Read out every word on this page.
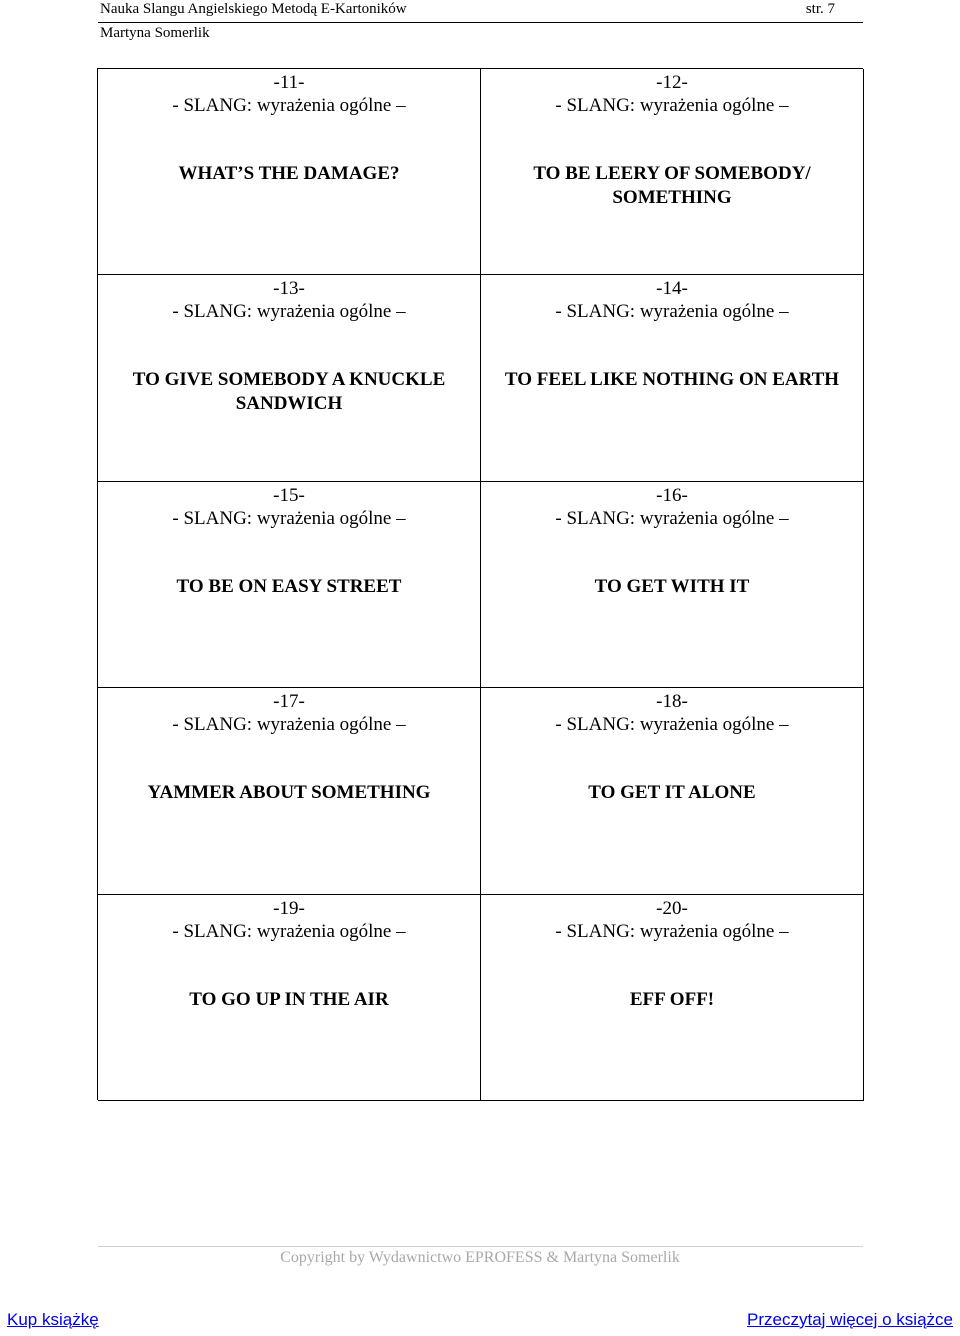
Nauka Slangu Angielskiego Metodą E-Kartoników	str. 7
Martyna Somerlik
-11-
- SLANG: wyrażenia ogólne –
WHAT’S THE DAMAGE?
-12-
- SLANG: wyrażenia ogólne –
TO BE LEERY OF SOMEBODY/ SOMETHING
-13-
- SLANG: wyrażenia ogólne –
TO GIVE SOMEBODY A KNUCKLE SANDWICH
-14-
- SLANG: wyrażenia ogólne –
TO FEEL LIKE NOTHING ON EARTH
-15-
- SLANG: wyrażenia ogólne –
TO BE ON EASY STREET
-16-
- SLANG: wyrażenia ogólne –
TO GET WITH IT
-17-
- SLANG: wyrażenia ogólne –
YAMMER ABOUT SOMETHING
-18-
- SLANG: wyrażenia ogólne –
TO GET IT ALONE
-19-
- SLANG: wyrażenia ogólne –
TO GO UP IN THE AIR
-20-
- SLANG: wyrażenia ogólne –
EFF OFF!
Copyright by Wydawnictwo EPROFESS & Martyna Somerlik
Kup książkę	Przeczytaj więcej o książce
